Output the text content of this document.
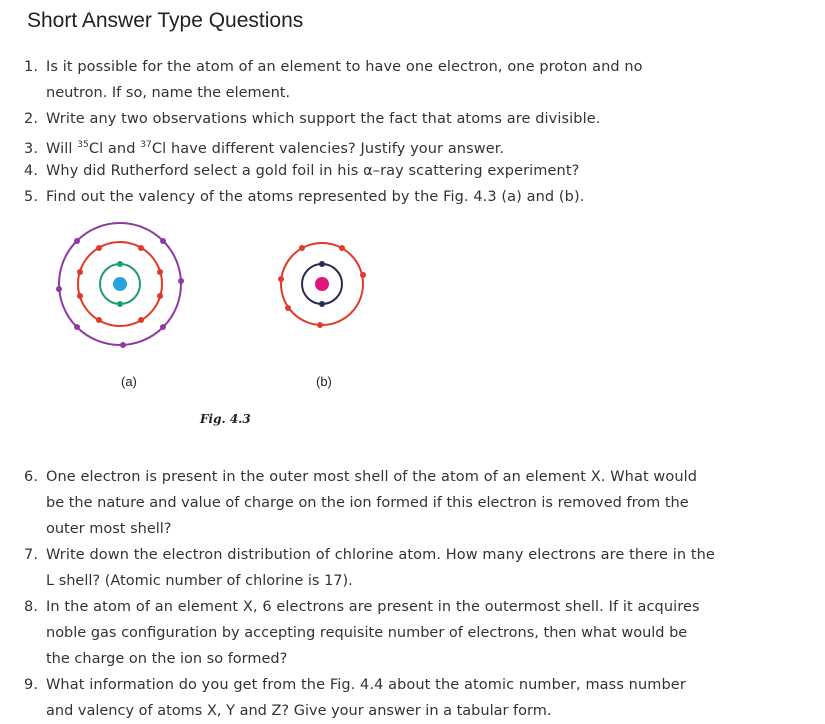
Short Answer Type Questions
1. Is it possible for the atom of an element to have one electron, one proton and no
neutron. If so, name the element.
2. Write any two observations which support the fact that atoms are divisible.
3. Will $^{35}$Cl and $^{37}$Cl have different valencies? Justify your answer.
4. Why did Rutherford select a gold foil in his α–ray scattering experiment?
5. Find out the valency of the atoms represented by the Fig. 4.3 (a) and (b).
(a)	(b)
Fig. 4.3
6. One electron is present in the outer most shell of the atom of an element X. What would
be the nature and value of charge on the ion formed if this electron is removed from the
outer most shell?
7. Write down the electron distribution of chlorine atom. How many electrons are there in the
L shell? (Atomic number of chlorine is 17).
8. In the atom of an element X, 6 electrons are present in the outermost shell. If it acquires
noble gas configuration by accepting requisite number of electrons, then what would be
the charge on the ion so formed?
9. What information do you get from the Fig. 4.4 about the atomic number, mass number
and valency of atoms X, Y and Z? Give your answer in a tabular form.
